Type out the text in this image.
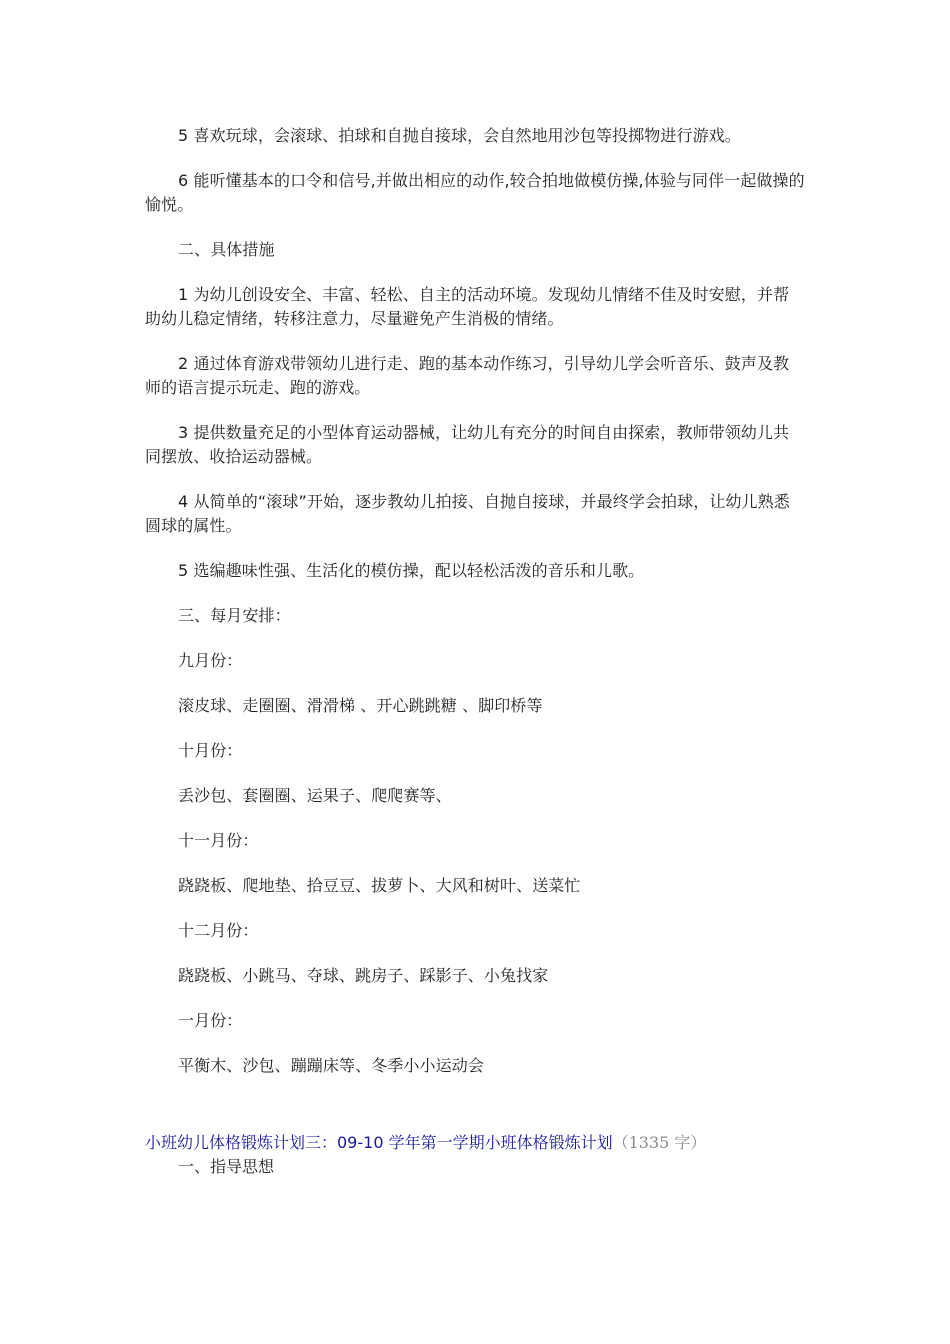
5 喜欢玩球，会滚球、拍球和自抛自接球，会自然地用沙包等投掷物进行游戏。

6 能听懂基本的口令和信号,并做出相应的动作,较合拍地做模仿操,体验与同伴一起做操的愉悦。

二、具体措施

1 为幼儿创设安全、丰富、轻松、自主的活动环境。发现幼儿情绪不佳及时安慰，并帮助幼儿稳定情绪，转移注意力，尽量避免产生消极的情绪。

2 通过体育游戏带领幼儿进行走、跑的基本动作练习，引导幼儿学会听音乐、鼓声及教师的语言提示玩走、跑的游戏。

3 提供数量充足的小型体育运动器械，让幼儿有充分的时间自由探索，教师带领幼儿共同摆放、收拾运动器械。

4 从简单的“滚球”开始，逐步教幼儿拍接、自抛自接球，并最终学会拍球，让幼儿熟悉圆球的属性。

5 选编趣味性强、生活化的模仿操，配以轻松活泼的音乐和儿歌。

三、每月安排：

九月份：

滚皮球、走圈圈、滑滑梯 、开心跳跳糖 、脚印桥等

十月份：

丢沙包、套圈圈、运果子、爬爬赛等、

十一月份：

跷跷板、爬地垫、拾豆豆、拔萝卜、大风和树叶、送菜忙

十二月份：

跷跷板、小跳马、夺球、跳房子、踩影子、小兔找家

一月份：

平衡木、沙包、蹦蹦床等、冬季小小运动会

小班幼儿体格锻炼计划三：09-10 学年第一学期小班体格锻炼计划（1335 字）
一、指导思想
